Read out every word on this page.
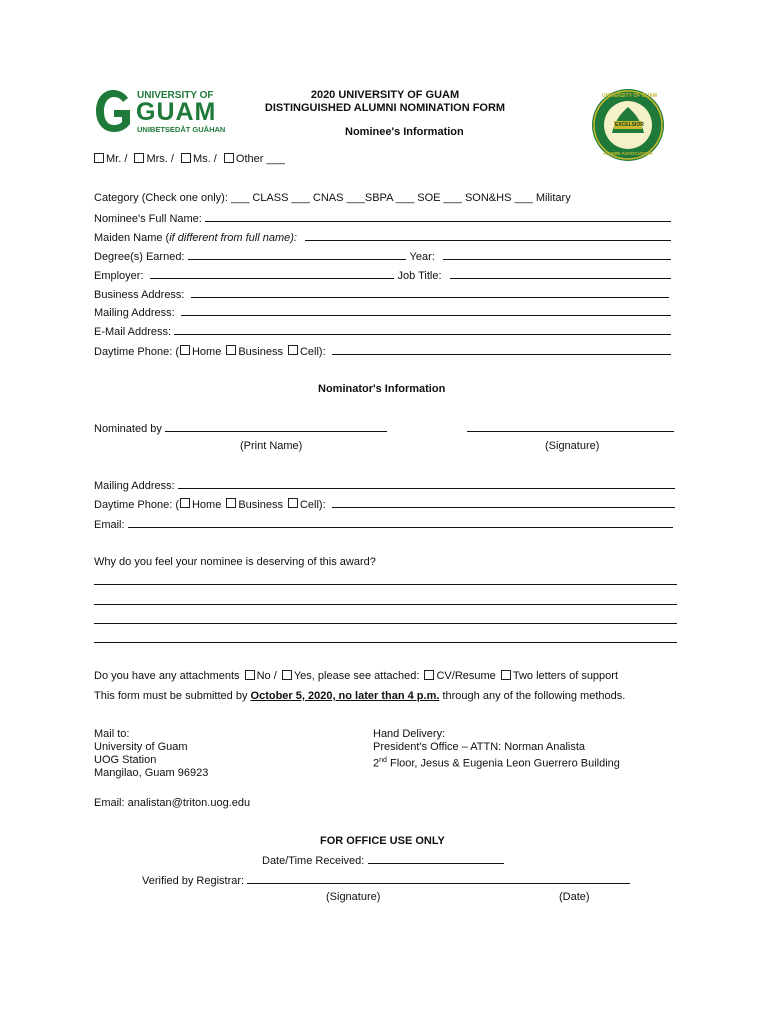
UNIVERSITY OF
GUAM
UNIBETSEDÅT GUÅHAN
2020 UNIVERSITY OF GUAM
DISTINGUISHED ALUMNI NOMINATION FORM
UNIVERSITY OF GUAM
EXCELSIOR
ALUMNI ASSOCIATION
Nominee's Information
Mr. / Mrs. / Ms. / Other ___
Category (Check one only): ___ CLASS ___ CNAS ___SBPA ___ SOE ___ SON&HS ___ Military
Nominee's Full Name:
Maiden Name (if different from full name):
Degree(s) Earned:	Year:
Employer:	Job Title:
Business Address:
Mailing Address:
E-Mail Address:
Daytime Phone: ( Home Business Cell):
Nominator's Information
Nominated by
(Print Name)	(Signature)
Mailing Address:
Daytime Phone: ( Home Business Cell):
Email:
Why do you feel your nominee is deserving of this award?
Do you have any attachments No / Yes, please see attached: CV/Resume Two letters of support
This form must be submitted by October 5, 2020, no later than 4 p.m. through any of the following methods.
Mail to:
University of Guam
UOG Station
Mangilao, Guam 96923
Hand Delivery:
President's Office – ATTN: Norman Analista
2nd Floor, Jesus & Eugenia Leon Guerrero Building
Email: analistan@triton.uog.edu
FOR OFFICE USE ONLY
Date/Time Received:
Verified by Registrar:
(Signature)	(Date)
